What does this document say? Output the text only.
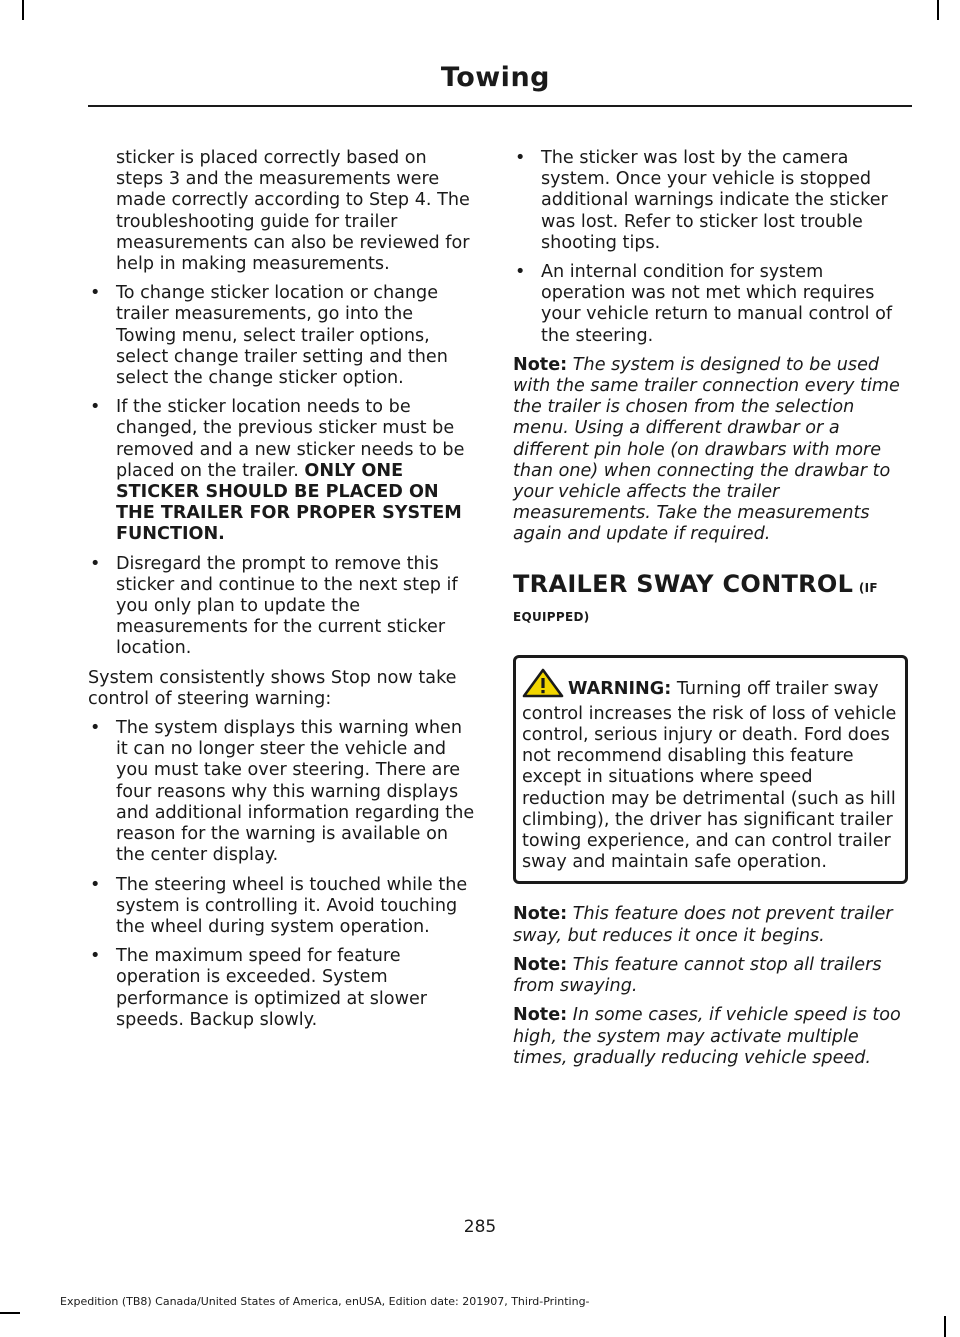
Towing

sticker is placed correctly based on steps 3 and the measurements were made correctly according to Step 4. The troubleshooting guide for trailer measurements can also be reviewed for help in making measurements.

• To change sticker location or change trailer measurements, go into the Towing menu, select trailer options, select change trailer setting and then select the change sticker option.
• If the sticker location needs to be changed, the previous sticker must be removed and a new sticker needs to be placed on the trailer. ONLY ONE STICKER SHOULD BE PLACED ON THE TRAILER FOR PROPER SYSTEM FUNCTION.
• Disregard the prompt to remove this sticker and continue to the next step if you only plan to update the measurements for the current sticker location.

System consistently shows Stop now take control of steering warning:

• The system displays this warning when it can no longer steer the vehicle and you must take over steering. There are four reasons why this warning displays and additional information regarding the reason for the warning is available on the center display.
• The steering wheel is touched while the system is controlling it. Avoid touching the wheel during system operation.
• The maximum speed for feature operation is exceeded. System performance is optimized at slower speeds. Backup slowly.
• The sticker was lost by the camera system. Once your vehicle is stopped additional warnings indicate the sticker was lost. Refer to sticker lost trouble shooting tips.
• An internal condition for system operation was not met which requires your vehicle return to manual control of the steering.

Note: The system is designed to be used with the same trailer connection every time the trailer is chosen from the selection menu. Using a different drawbar or a different pin hole (on drawbars with more than one) when connecting the drawbar to your vehicle affects the trailer measurements. Take the measurements again and update if required.

TRAILER SWAY CONTROL (IF
EQUIPPED)
WARNING: Turning off trailer sway control increases the risk of loss of vehicle control, serious injury or death. Ford does not recommend disabling this feature except in situations where speed reduction may be detrimental (such as hill climbing), the driver has significant trailer towing experience, and can control trailer sway and maintain safe operation.

Note: This feature does not prevent trailer sway, but reduces it once it begins.

Note: This feature cannot stop all trailers from swaying.

Note: In some cases, if vehicle speed is too high, the system may activate multiple times, gradually reducing vehicle speed.

285
Expedition (TB8) Canada/United States of America, enUSA, Edition date: 201907, Third-Printing-
